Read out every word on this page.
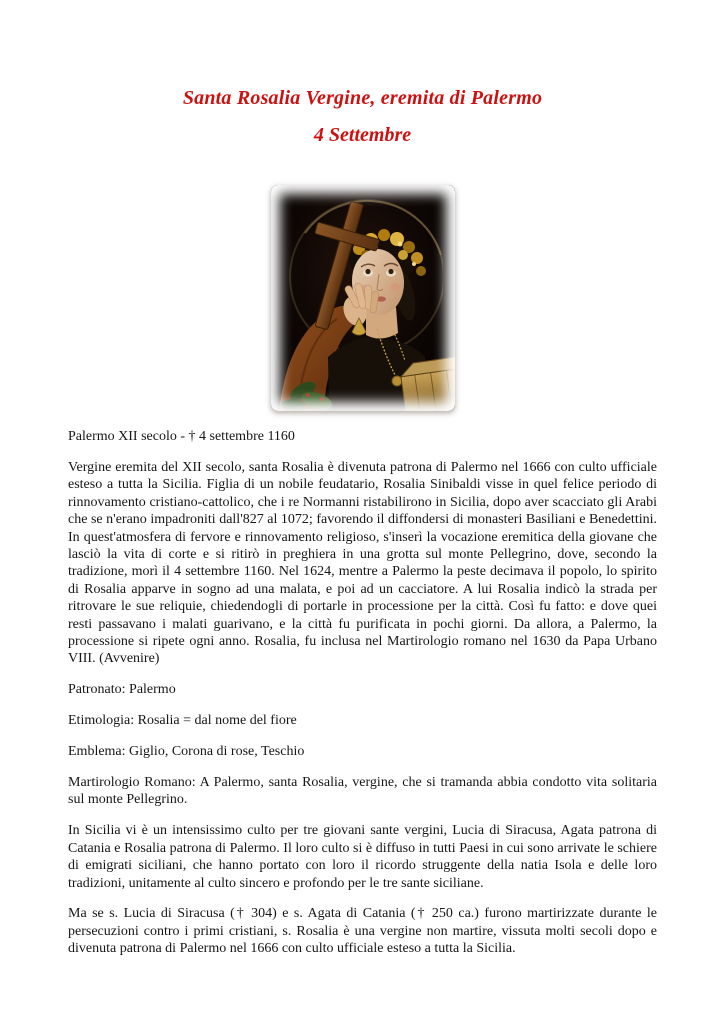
Santa Rosalia Vergine, eremita di Palermo
4 Settembre

Palermo XII secolo - † 4 settembre 1160

Vergine eremita del XII secolo, santa Rosalia è divenuta patrona di Palermo nel 1666 con culto ufficiale esteso a tutta la Sicilia. Figlia di un nobile feudatario, Rosalia Sinibaldi visse in quel felice periodo di rinnovamento cristiano-cattolico, che i re Normanni ristabilirono in Sicilia, dopo aver scacciato gli Arabi che se n'erano impadroniti dall'827 al 1072; favorendo il diffondersi di monasteri Basiliani e Benedettini. In quest'atmosfera di fervore e rinnovamento religioso, s'inserì la vocazione eremitica della giovane che lasciò la vita di corte e si ritirò in preghiera in una grotta sul monte Pellegrino, dove, secondo la tradizione, morì il 4 settembre 1160. Nel 1624, mentre a Palermo la peste decimava il popolo, lo spirito di Rosalia apparve in sogno ad una malata, e poi ad un cacciatore. A lui Rosalia indicò la strada per ritrovare le sue reliquie, chiedendogli di portarle in processione per la città. Così fu fatto: e dove quei resti passavano i malati guarivano, e la città fu purificata in pochi giorni. Da allora, a Palermo, la processione si ripete ogni anno. Rosalia, fu inclusa nel Martirologio romano nel 1630 da Papa Urbano VIII. (Avvenire)

Patronato: Palermo

Etimologia: Rosalia = dal nome del fiore

Emblema: Giglio, Corona di rose, Teschio

Martirologio Romano: A Palermo, santa Rosalia, vergine, che si tramanda abbia condotto vita solitaria sul monte Pellegrino.

In Sicilia vi è un intensissimo culto per tre giovani sante vergini, Lucia di Siracusa, Agata patrona di Catania e Rosalia patrona di Palermo. Il loro culto si è diffuso in tutti Paesi in cui sono arrivate le schiere di emigrati siciliani, che hanno portato con loro il ricordo struggente della natia Isola e delle loro tradizioni, unitamente al culto sincero e profondo per le tre sante siciliane.

Ma se s. Lucia di Siracusa († 304) e s. Agata di Catania († 250 ca.) furono martirizzate durante le persecuzioni contro i primi cristiani, s. Rosalia è una vergine non martire, vissuta molti secoli dopo e divenuta patrona di Palermo nel 1666 con culto ufficiale esteso a tutta la Sicilia.
